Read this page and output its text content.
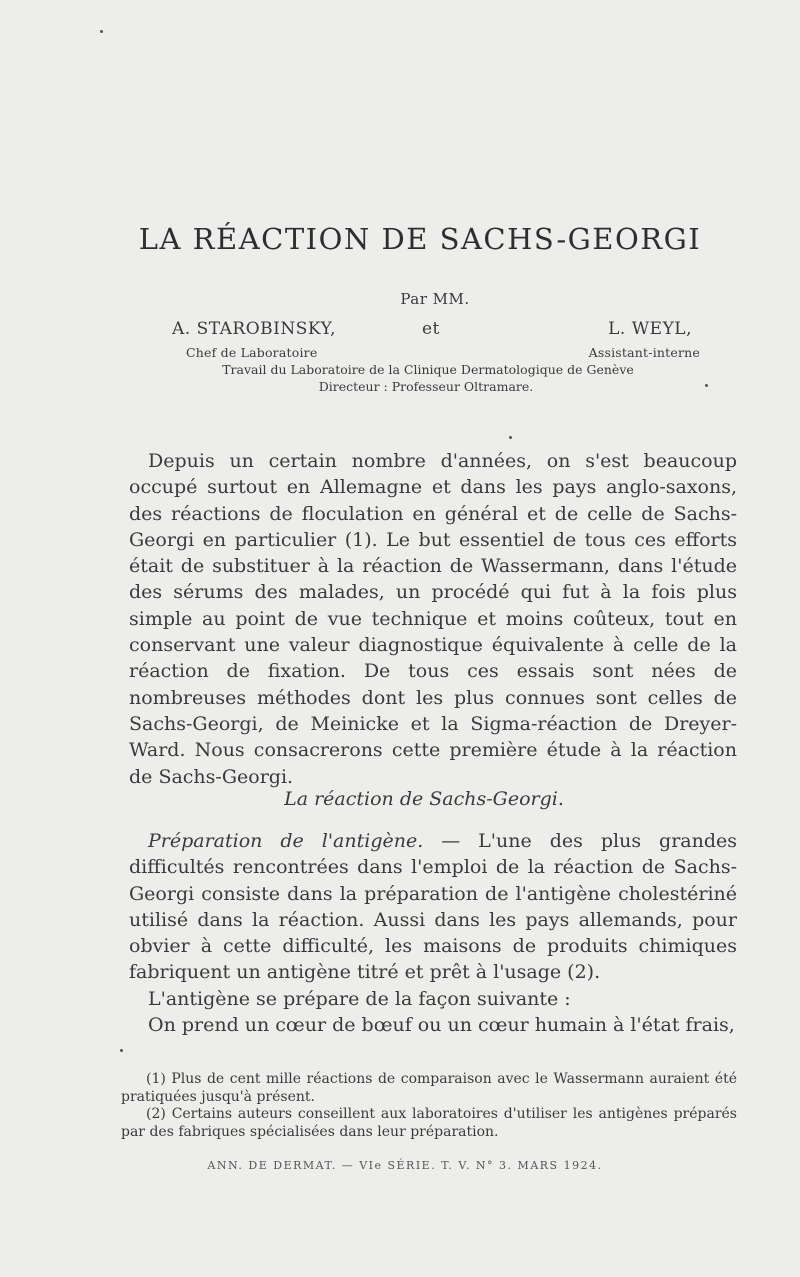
LA RÉACTION DE SACHS-GEORGI
Par MM.
A. STAROBINSKY,	et	L. WEYL,
Chef de Laboratoire	Assistant-interne
Travail du Laboratoire de la Clinique Dermatologique de Genève
Directeur : Professeur Oltramare.

Depuis un certain nombre d'années, on s'est beaucoup occupé surtout en Allemagne et dans les pays anglo-saxons, des réactions de floculation en général et de celle de Sachs-Georgi en particulier (1). Le but essentiel de tous ces efforts était de substituer à la réaction de Wassermann, dans l'étude des sérums des malades, un procédé qui fut à la fois plus simple au point de vue technique et moins coûteux, tout en conservant une valeur diagnostique équivalente à celle de la réaction de fixation. De tous ces essais sont nées de nombreuses méthodes dont les plus connues sont celles de Sachs-Georgi, de Meinicke et la Sigma-réaction de Dreyer-Ward. Nous consacrerons cette première étude à la réaction de Sachs-Georgi.

La réaction de Sachs-Georgi.

Préparation de l'antigène. — L'une des plus grandes difficultés rencontrées dans l'emploi de la réaction de Sachs-Georgi consiste dans la préparation de l'antigène cholestériné utilisé dans la réaction. Aussi dans les pays allemands, pour obvier à cette difficulté, les maisons de produits chimiques fabriquent un antigène titré et prêt à l'usage (2).

L'antigène se prépare de la façon suivante :

On prend un cœur de bœuf ou un cœur humain à l'état frais,

(1) Plus de cent mille réactions de comparaison avec le Wassermann auraient été pratiquées jusqu'à présent.

(2) Certains auteurs conseillent aux laboratoires d'utiliser les antigènes préparés par des fabriques spécialisées dans leur préparation.

ANN. DE DERMAT. — VIe SÉRIE. T. V. N° 3. MARS 1924.
